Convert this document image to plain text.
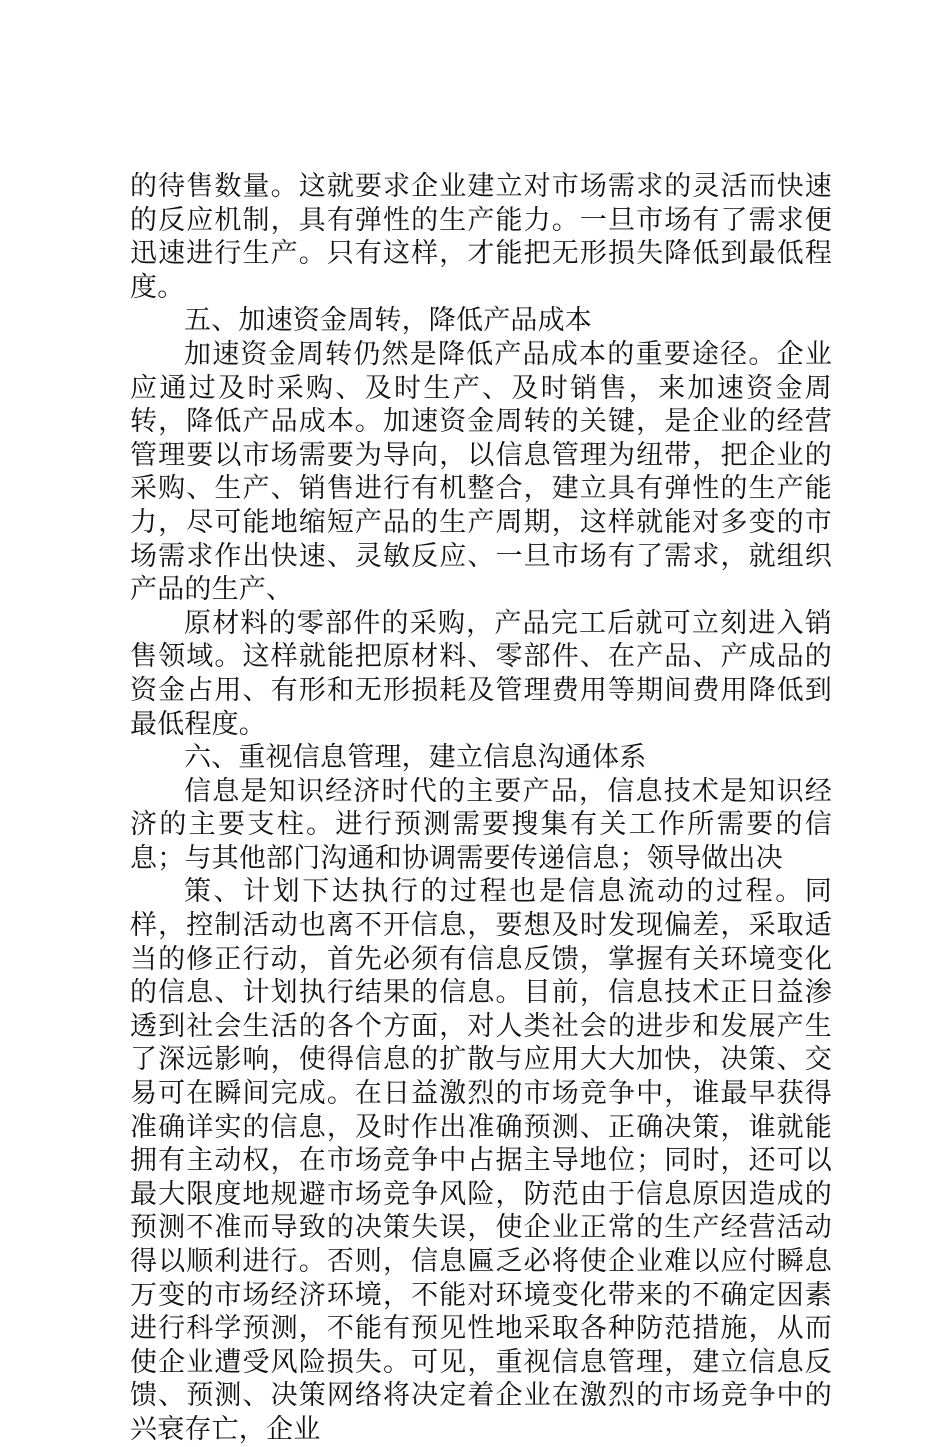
的待售数量。这就要求企业建立对市场需求的灵活而快速的反应机制，具有弹性的生产能力。一旦市场有了需求便迅速进行生产。只有这样，才能把无形损失降低到最低程度。

五、加速资金周转，降低产品成本

加速资金周转仍然是降低产品成本的重要途径。企业应通过及时采购、及时生产、及时销售，来加速资金周转，降低产品成本。加速资金周转的关键，是企业的经营管理要以市场需要为导向，以信息管理为纽带，把企业的采购、生产、销售进行有机整合，建立具有弹性的生产能力，尽可能地缩短产品的生产周期，这样就能对多变的市场需求作出快速、灵敏反应、一旦市场有了需求，就组织产品的生产、

原材料的零部件的采购，产品完工后就可立刻进入销售领域。这样就能把原材料、零部件、在产品、产成品的资金占用、有形和无形损耗及管理费用等期间费用降低到最低程度。

六、重视信息管理，建立信息沟通体系

信息是知识经济时代的主要产品，信息技术是知识经济的主要支柱。进行预测需要搜集有关工作所需要的信息；与其他部门沟通和协调需要传递信息；领导做出决

策、计划下达执行的过程也是信息流动的过程。同样，控制活动也离不开信息，要想及时发现偏差，采取适当的修正行动，首先必须有信息反馈，掌握有关环境变化的信息、计划执行结果的信息。目前，信息技术正日益渗透到社会生活的各个方面，对人类社会的进步和发展产生了深远影响，使得信息的扩散与应用大大加快，决策、交易可在瞬间完成。在日益激烈的市场竞争中，谁最早获得准确详实的信息，及时作出准确预测、正确决策，谁就能拥有主动权，在市场竞争中占据主导地位；同时，还可以最大限度地规避市场竞争风险，防范由于信息原因造成的预测不准而导致的决策失误，使企业正常的生产经营活动得以顺利进行。否则，信息匾乏必将使企业难以应付瞬息万变的市场经济环境，不能对环境变化带来的不确定因素进行科学预测，不能有预见性地采取各种防范措施，从而使企业遭受风险损失。可见，重视信息管理，建立信息反馈、预测、决策网络将决定着企业在激烈的市场竞争中的兴衰存亡，企业
